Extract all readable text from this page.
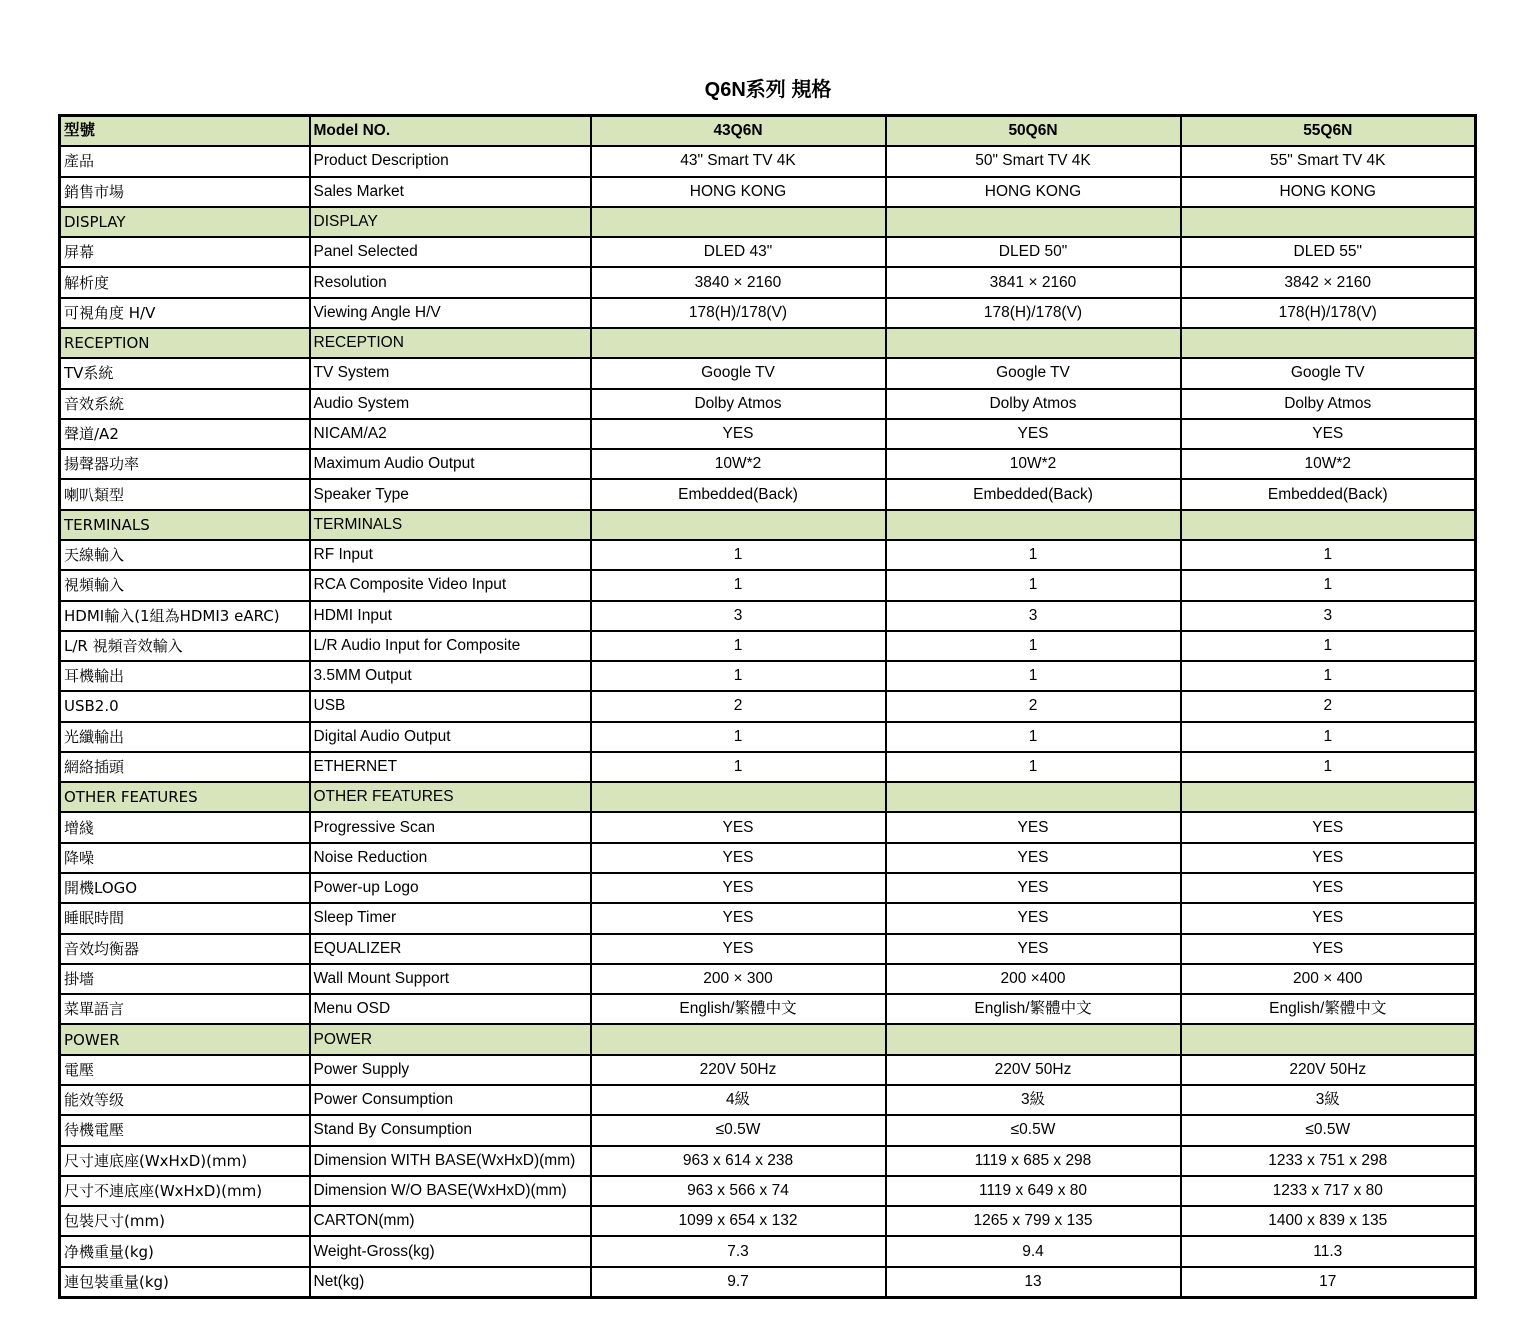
Q6N系列 規格
型號	Model NO.	43Q6N	50Q6N	55Q6N
產品	Product Description	43" Smart TV 4K	50" Smart TV 4K	55" Smart TV 4K
銷售市場	Sales Market	HONG KONG	HONG KONG	HONG KONG
DISPLAY	DISPLAY			
屏幕	Panel Selected	DLED 43"	DLED 50"	DLED 55"
解析度	Resolution	3840 × 2160	3841 × 2160	3842 × 2160
可視角度 H/V	Viewing Angle H/V	178(H)/178(V)	178(H)/178(V)	178(H)/178(V)
RECEPTION	RECEPTION			
TV系統	TV System	Google TV	Google TV	Google TV
音效系統	Audio System	Dolby Atmos	Dolby Atmos	Dolby Atmos
聲道/A2	NICAM/A2	YES	YES	YES
揚聲器功率	Maximum Audio Output	10W*2	10W*2	10W*2
喇叭類型	Speaker Type	Embedded(Back)	Embedded(Back)	Embedded(Back)
TERMINALS	TERMINALS			
天線輸入	RF Input	1	1	1
視頻輸入	RCA Composite Video Input	1	1	1
HDMI輸入(1組為HDMI3 eARC)	HDMI Input	3	3	3
L/R 視頻音效輸入	L/R Audio Input for Composite	1	1	1
耳機輸出	3.5MM Output	1	1	1
USB2.0	USB	2	2	2
光纖輸出	Digital Audio Output	1	1	1
網絡插頭	ETHERNET	1	1	1
OTHER FEATURES	OTHER FEATURES			
增綫	Progressive Scan	YES	YES	YES
降噪	Noise Reduction	YES	YES	YES
開機LOGO	Power-up Logo	YES	YES	YES
睡眠時間	Sleep Timer	YES	YES	YES
音效均衡器	EQUALIZER	YES	YES	YES
掛墻	Wall Mount Support	200 × 300	200 ×400	200 × 400
菜單語言	Menu OSD	English/繁體中文	English/繁體中文	English/繁體中文
POWER	POWER			
電壓	Power Supply	220V 50Hz	220V 50Hz	220V 50Hz
能效等级	Power Consumption	4級	3級	3級
待機電壓	Stand By Consumption	≤0.5W	≤0.5W	≤0.5W
尺寸連底座(WxHxD)(mm)	Dimension WITH BASE(WxHxD)(mm)	963 x 614 x 238	1119 x 685 x 298	1233 x 751 x 298
尺寸不連底座(WxHxD)(mm)	Dimension W/O BASE(WxHxD)(mm)	963 x 566 x 74	1119 x 649 x 80	1233 x 717 x 80
包裝尺寸(mm)	CARTON(mm)	1099 x 654 x 132	1265 x 799 x 135	1400 x 839 x 135
净機重量(kg)	Weight-Gross(kg)	7.3	9.4	11.3
連包裝重量(kg)	Net(kg)	9.7	13	17
